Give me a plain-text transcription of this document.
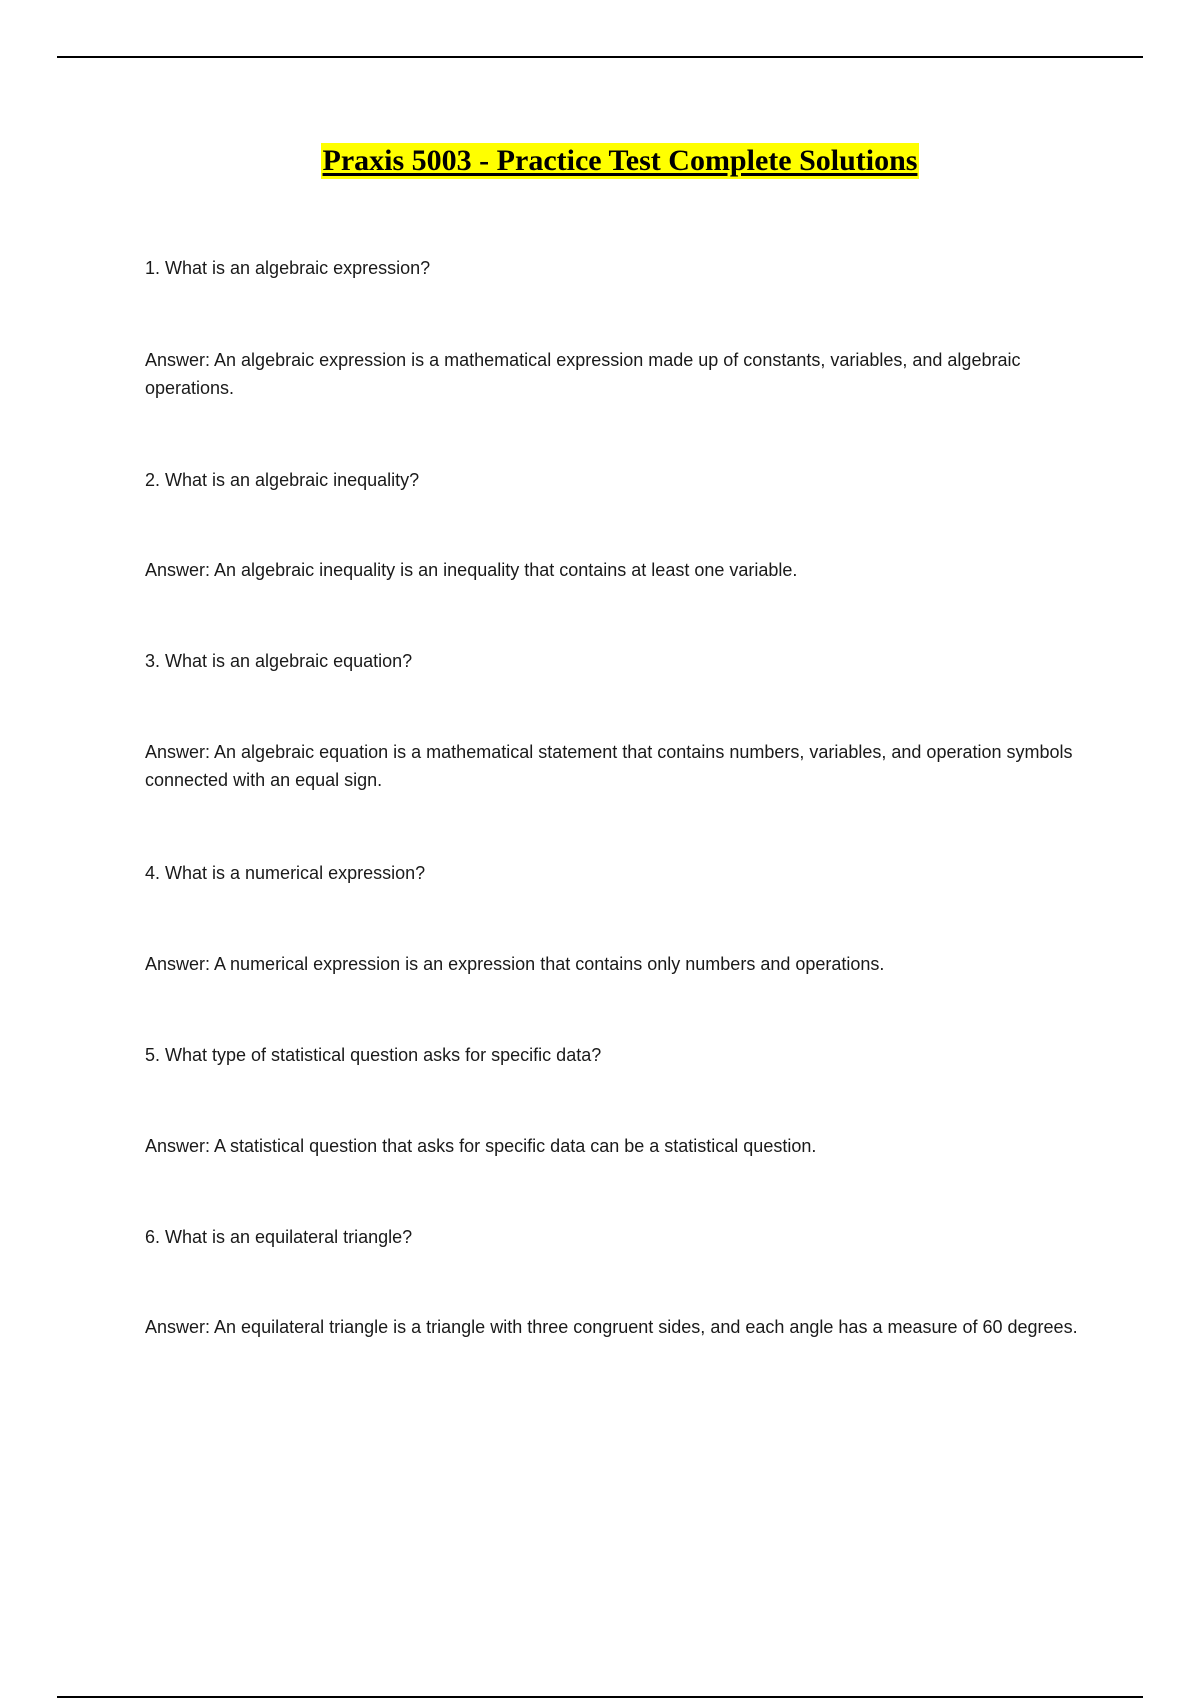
Praxis 5003 - Practice Test Complete Solutions

1. What is an algebraic expression?

Answer: An algebraic expression is a mathematical expression made up of constants, variables, and algebraic operations.

2. What is an algebraic inequality?

Answer: An algebraic inequality is an inequality that contains at least one variable.

3. What is an algebraic equation?

Answer: An algebraic equation is a mathematical statement that contains numbers, variables, and operation symbols connected with an equal sign.

4. What is a numerical expression?

Answer: A numerical expression is an expression that contains only numbers and operations.

5. What type of statistical question asks for specific data?

Answer: A statistical question that asks for specific data can be a statistical question.

6. What is an equilateral triangle?

Answer: An equilateral triangle is a triangle with three congruent sides, and each angle has a measure of 60 degrees.
